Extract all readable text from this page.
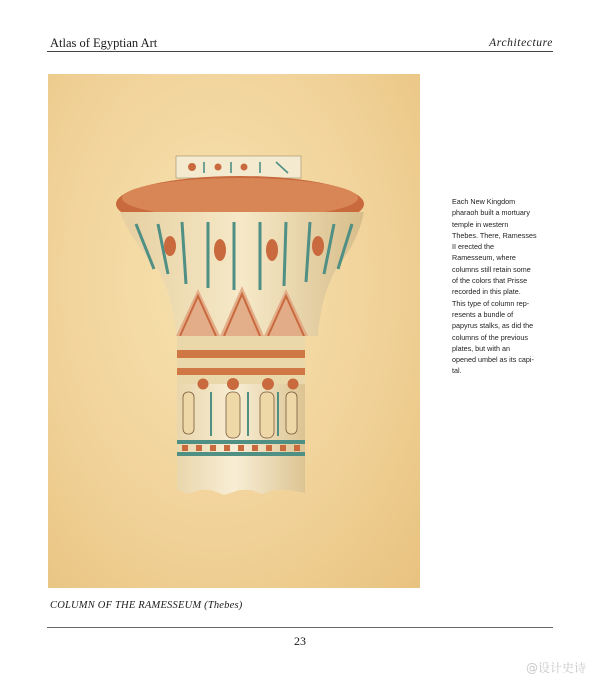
Atlas of Egyptian Art	Architecture
Each New Kingdom
pharaoh built a mortuary
temple in western
Thebes. There, Ramesses
II erected the
Ramesseum, where
columns still retain some
of the colors that Prisse
recorded in this plate.
This type of column rep-
resents a bundle of
papyrus stalks, as did the
columns of the previous
plates, but with an
opened umbel as its capi-
tal.
COLUMN OF THE RAMESSEUM (Thebes)
23
@设计史诗
